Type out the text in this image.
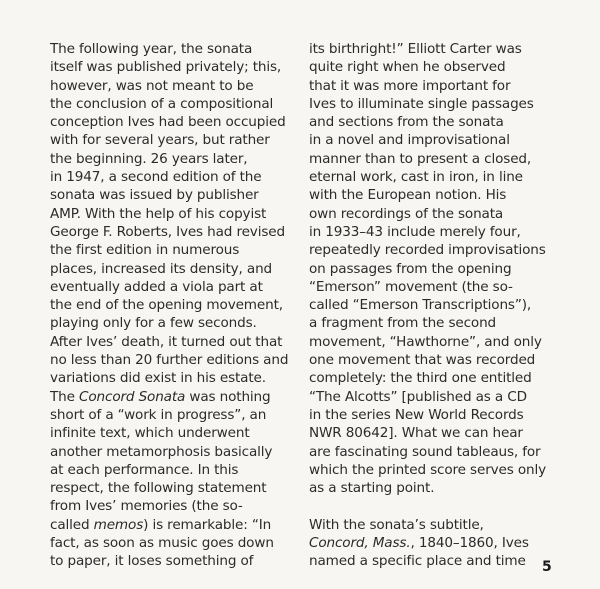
The following year, the sonata
itself was published privately; this,
however, was not meant to be
the conclusion of a compositional
conception Ives had been occupied
with for several years, but rather
the beginning. 26 years later,
in 1947, a second edition of the
sonata was issued by publisher
AMP. With the help of his copyist
George F. Roberts, Ives had revised
the first edition in numerous
places, increased its density, and
eventually added a viola part at
the end of the opening movement,
playing only for a few seconds.
After Ives’ death, it turned out that
no less than 20 further editions and
variations did exist in his estate.
The Concord Sonata was nothing
short of a “work in progress”, an
infinite text, which underwent
another metamorphosis basically
at each performance. In this
respect, the following statement
from Ives’ memories (the so-
called memos) is remarkable: “In
fact, as soon as music goes down
to paper, it loses something of
its birthright!” Elliott Carter was
quite right when he observed
that it was more important for
Ives to illuminate single passages
and sections from the sonata
in a novel and improvisational
manner than to present a closed,
eternal work, cast in iron, in line
with the European notion. His
own recordings of the sonata
in 1933–43 include merely four,
repeatedly recorded improvisations
on passages from the opening
“Emerson” movement (the so-
called “Emerson Transcriptions”),
a fragment from the second
movement, “Hawthorne”, and only
one movement that was recorded
completely: the third one entitled
“The Alcotts” [published as a CD
in the series New World Records
NWR 80642]. What we can hear
are fascinating sound tableaus, for
which the printed score serves only
as a starting point.
With the sonata’s subtitle,
Concord, Mass., 1840–1860, Ives
named a specific place and time	5
